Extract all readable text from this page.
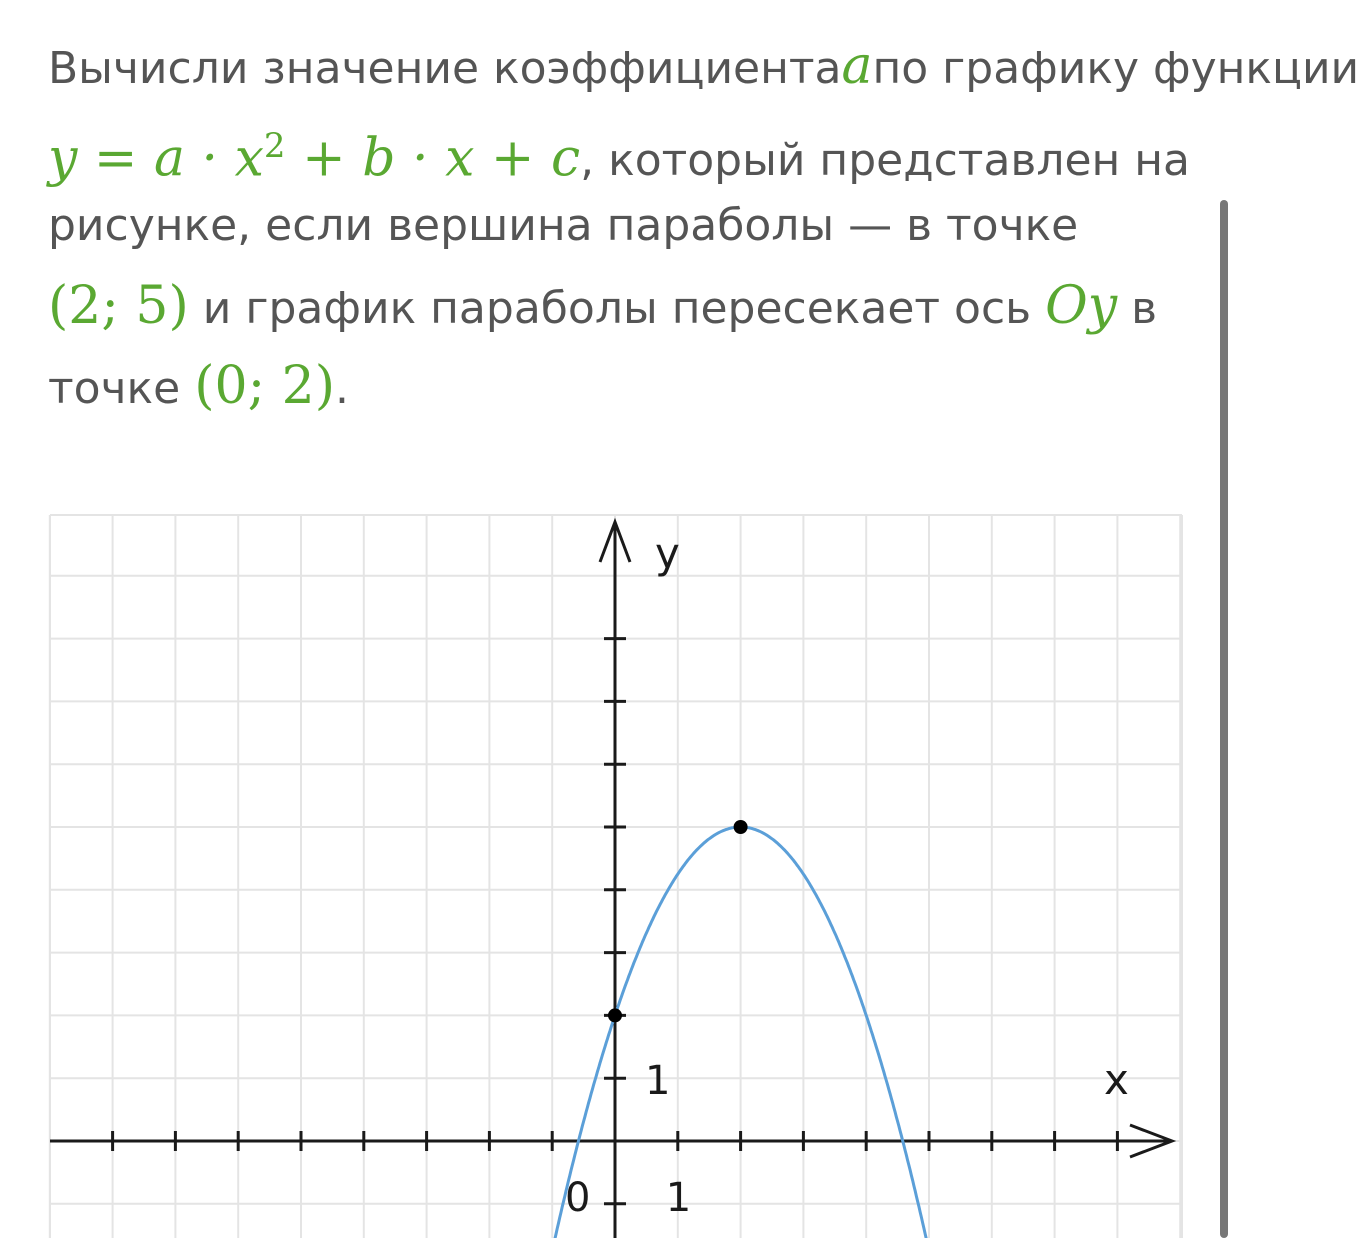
Вычисли значение коэффициента a по графику функции
$y = a \cdot x^2 + b \cdot x + c$ , который представлен на
рисунке, если вершина параболы — в точке
(2; 5) и график параболы пересекает ось Oy в
точке (0; 2) .
y
x
1
1
0
